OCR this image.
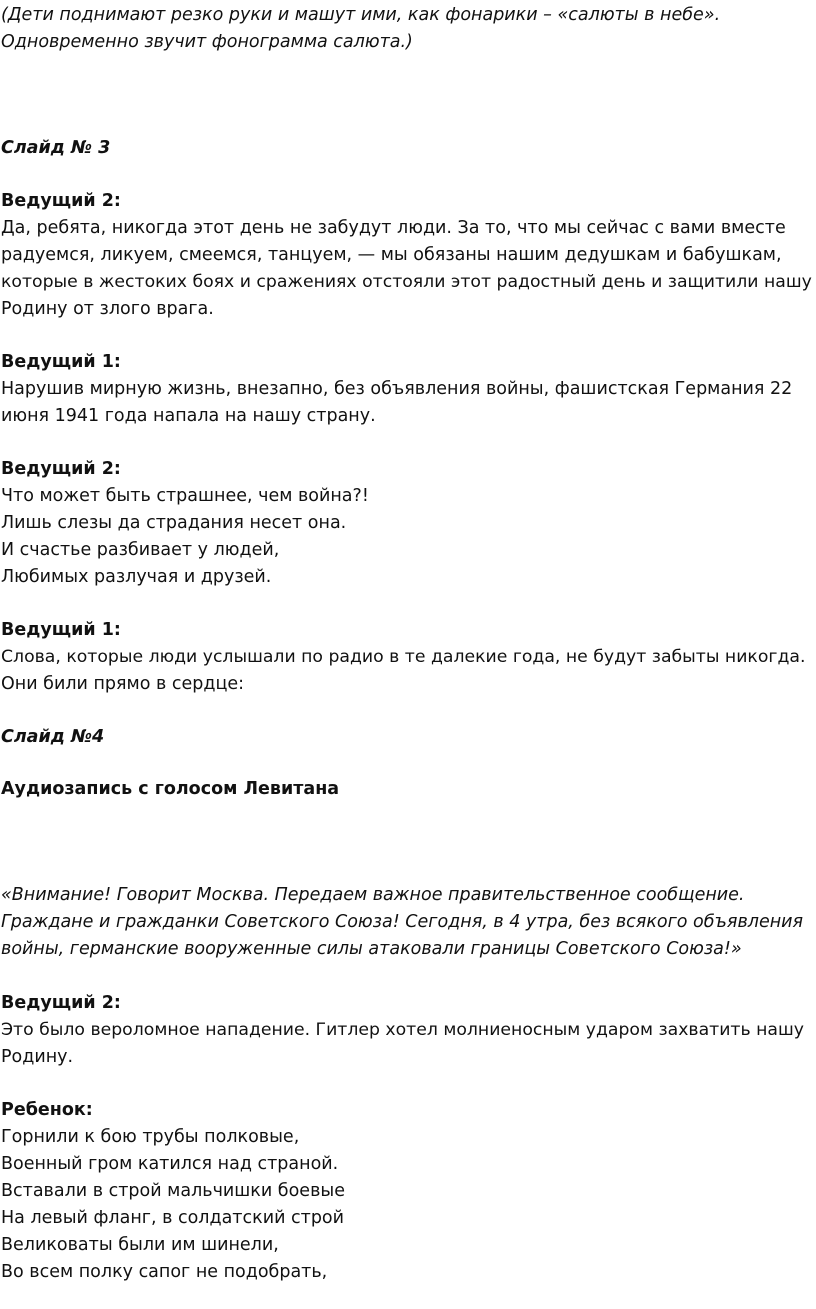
(Дети поднимают резко руки и машут ими, как фонарики – «салюты в небе».
Одновременно звучит фонограмма салюта.)
Слайд № 3
Ведущий 2:
Да, ребята, никогда этот день не забудут люди. За то, что мы сейчас с вами вместе
радуемся, ликуем, смеемся, танцуем, — мы обязаны нашим дедушкам и бабушкам,
которые в жестоких боях и сражениях отстояли этот радостный день и защитили нашу
Родину от злого врага.
Ведущий 1:
Нарушив мирную жизнь, внезапно, без объявления войны, фашистская Германия 22
июня 1941 года напала на нашу страну.
Ведущий 2:
Что может быть страшнее, чем война?!
Лишь слезы да страдания несет она.
И счастье разбивает у людей,
Любимых разлучая и друзей.
Ведущий 1:
Слова, которые люди услышали по радио в те далекие года, не будут забыты никогда.
Они били прямо в сердце:
Слайд №4
Аудиозапись с голосом Левитана
«Внимание! Говорит Москва. Передаем важное правительственное сообщение.
Граждане и гражданки Советского Союза! Сегодня, в 4 утра, без всякого объявления
войны, германские вооруженные силы атаковали границы Советского Союза!»
Ведущий 2:
Это было вероломное нападение. Гитлер хотел молниеносным ударом захватить нашу
Родину.
Ребенок:
Горнили к бою трубы полковые,
Военный гром катился над страной.
Вставали в строй мальчишки боевые
На левый фланг, в солдатский строй
Великоваты были им шинели,
Во всем полку сапог не подобрать,
